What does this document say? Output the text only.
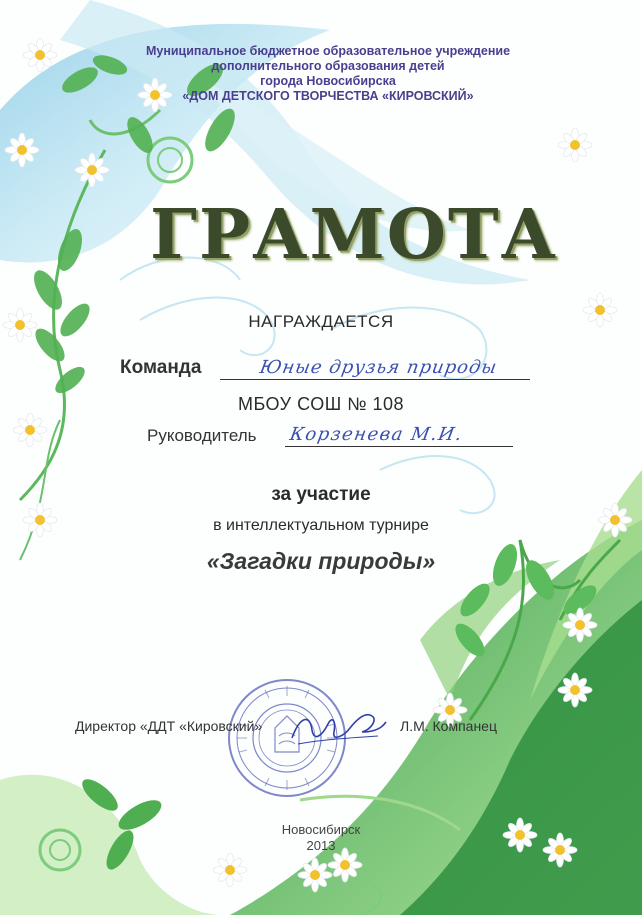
Муниципальное бюджетное образовательное учреждение
дополнительного образования детей
города Новосибирска
«ДОМ ДЕТСКОГО ТВОРЧЕСТВА «КИРОВСКИЙ»
ГРАМОТА
НАГРАЖДАЕТСЯ
Команда	Юные друзья природы
МБОУ СОШ № 108
Руководитель Корзенева М.И.
за участие
в интеллектуальном турнире
«Загадки природы»
Директор «ДДТ «Кировский»	Л.М. Компанец
Новосибирск
2013
